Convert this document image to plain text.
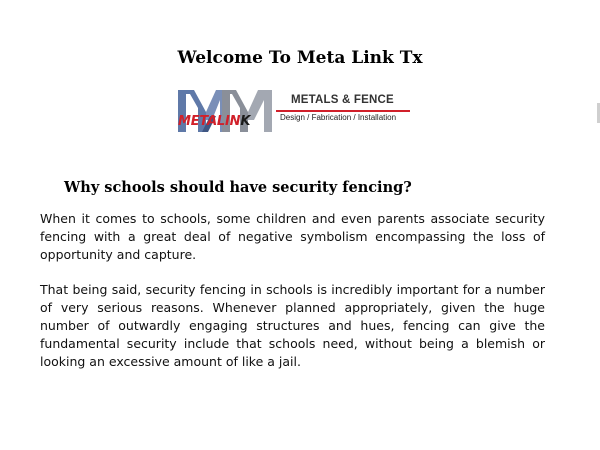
Welcome To Meta Link Tx
METALINK
METALS & FENCE
Design / Fabrication / Installation
Why schools should have security fencing?

When it comes to schools, some children and even parents associate security fencing with a great deal of negative symbolism encompassing the loss of opportunity and capture.

That being said, security fencing in schools is incredibly important for a number of very serious reasons. Whenever planned appropriately, given the huge number of outwardly engaging structures and hues, fencing can give the fundamental security include that schools need, without being a blemish or looking an excessive amount of like a jail.
